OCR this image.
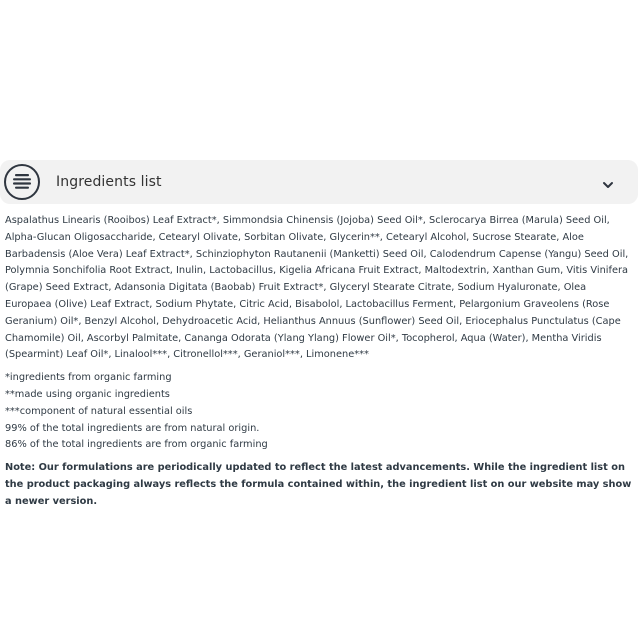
Ingredients list

Aspalathus Linearis (Rooibos) Leaf Extract*, Simmondsia Chinensis (Jojoba) Seed Oil*, Sclerocarya Birrea (Marula) Seed Oil, Alpha-Glucan Oligosaccharide, Cetearyl Olivate, Sorbitan Olivate, Glycerin**, Cetearyl Alcohol, Sucrose Stearate, Aloe Barbadensis (Aloe Vera) Leaf Extract*, Schinziophyton Rautanenii (Manketti) Seed Oil, Calodendrum Capense (Yangu) Seed Oil, Polymnia Sonchifolia Root Extract, Inulin, Lactobacillus, Kigelia Africana Fruit Extract, Maltodextrin, Xanthan Gum, Vitis Vinifera (Grape) Seed Extract, Adansonia Digitata (Baobab) Fruit Extract*, Glyceryl Stearate Citrate, Sodium Hyaluronate, Olea Europaea (Olive) Leaf Extract, Sodium Phytate, Citric Acid, Bisabolol, Lactobacillus Ferment, Pelargonium Graveolens (Rose Geranium) Oil*, Benzyl Alcohol, Dehydroacetic Acid, Helianthus Annuus (Sunflower) Seed Oil, Eriocephalus Punctulatus (Cape Chamomile) Oil, Ascorbyl Palmitate, Cananga Odorata (Ylang Ylang) Flower Oil*, Tocopherol, Aqua (Water), Mentha Viridis (Spearmint) Leaf Oil*, Linalool***, Citronellol***, Geraniol***, Limonene***

*ingredients from organic farming

**made using organic ingredients

***component of natural essential oils

99% of the total ingredients are from natural origin.

86% of the total ingredients are from organic farming

Note: Our formulations are periodically updated to reflect the latest advancements. While the ingredient list on the product packaging always reflects the formula contained within, the ingredient list on our website may show a newer version.
